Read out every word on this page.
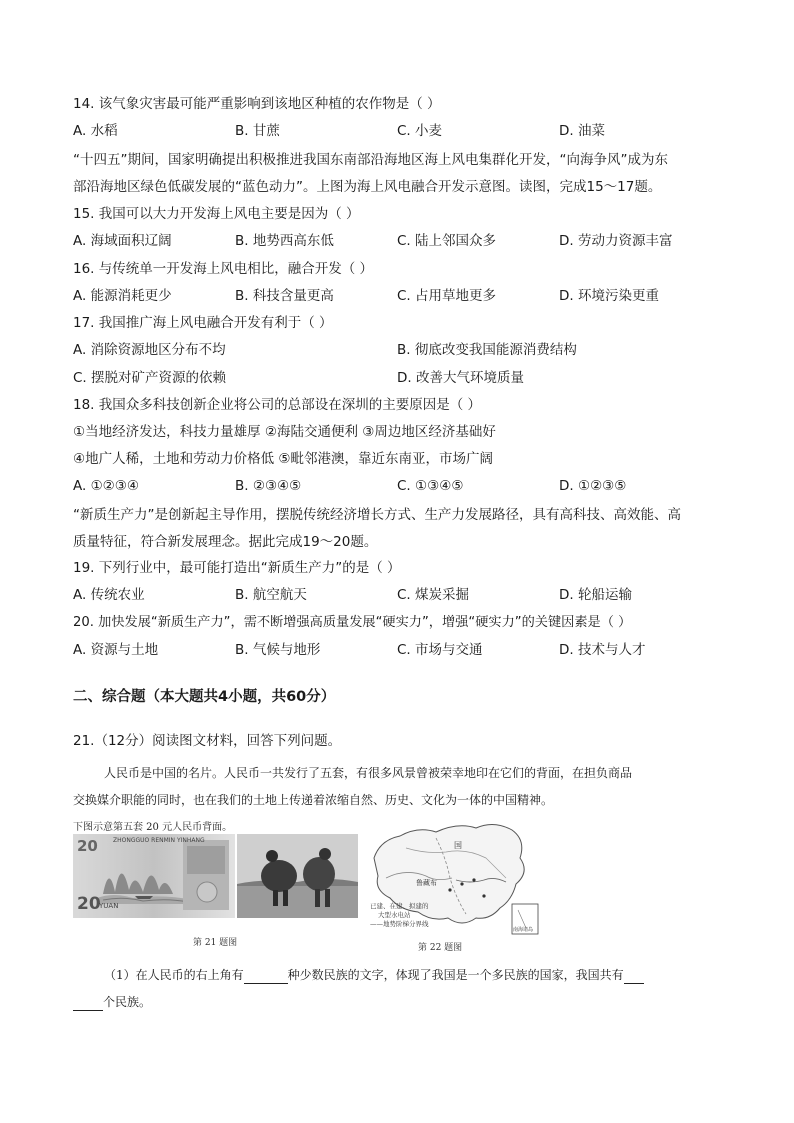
14. 该气象灾害最可能严重影响到该地区种植的农作物是（ ）
A. 水稻	B. 甘蔗	C. 小麦	D. 油菜
“十四五”期间，国家明确提出积极推进我国东南部沿海地区海上风电集群化开发，“向海争风”成为东
部沿海地区绿色低碳发展的“蓝色动力”。上图为海上风电融合开发示意图。读图，完成15～17题。
15. 我国可以大力开发海上风电主要是因为（ ）
A. 海域面积辽阔	B. 地势西高东低	C. 陆上邻国众多	D. 劳动力资源丰富
16. 与传统单一开发海上风电相比，融合开发（ ）
A. 能源消耗更少	B. 科技含量更高	C. 占用草地更多	D. 环境污染更重
17. 我国推广海上风电融合开发有利于（ ）
A. 消除资源地区分布不均	B. 彻底改变我国能源消费结构
C. 摆脱对矿产资源的依赖	D. 改善大气环境质量
18. 我国众多科技创新企业将公司的总部设在深圳的主要原因是（ ）
①当地经济发达，科技力量雄厚 ②海陆交通便利 ③周边地区经济基础好
④地广人稀，土地和劳动力价格低 ⑤毗邻港澳，靠近东南亚，市场广阔
A. ①②③④	B. ②③④⑤	C. ①③④⑤	D. ①②③⑤
“新质生产力”是创新起主导作用，摆脱传统经济增长方式、生产力发展路径，具有高科技、高效能、高
质量特征，符合新发展理念。据此完成19～20题。
19. 下列行业中，最可能打造出“新质生产力”的是（ ）
A. 传统农业	B. 航空航天	C. 煤炭采掘	D. 轮船运输
20. 加快发展“新质生产力”，需不断增强高质量发展“硬实力”，增强“硬实力”的关键因素是（ ）
A. 资源与土地	B. 气候与地形	C. 市场与交通	D. 技术与人才
二、综合题（本大题共4小题，共60分）
21.（12分）阅读图文材料，回答下列问题。
人民币是中国的名片。人民币一共发行了五套，有很多风景曾被荣幸地印在它们的背面，在担负商品
交换媒介职能的同时，也在我们的土地上传递着浓缩自然、历史、文化为一体的中国精神。
下图示意第五套 20 元人民币背面。
20	ZHONGGUO RENMIN YINHANG
20
YUAN
第 21 题图
国
鲁藏布
已建、在建、拟建的
大型水电站
——地势阶梯分界线
南海诸岛
第 22 题图
（1）在人民币的右上角有	种少数民族的文字，体现了我国是一个多民族的国家，我国共有
个民族。
